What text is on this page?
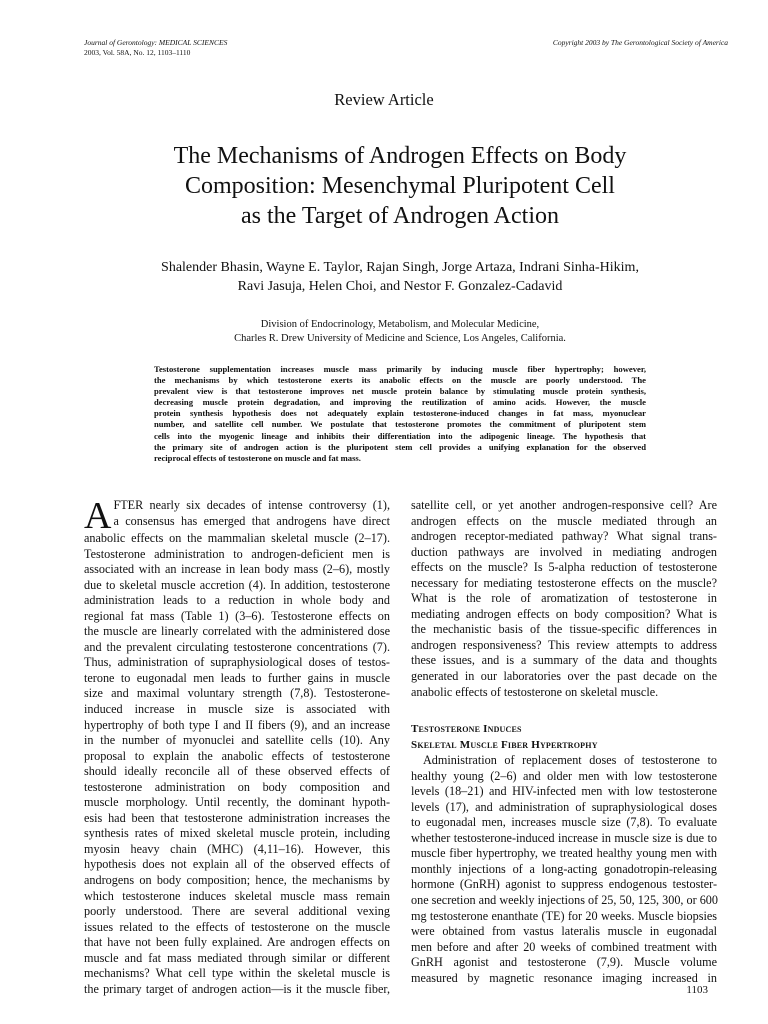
Journal of Gerontology: MEDICAL SCIENCES
2003, Vol. 58A, No. 12, 1103–1110
Copyright 2003 by The Gerontological Society of America
Review Article
The Mechanisms of Androgen Effects on Body
Composition: Mesenchymal Pluripotent Cell
as the Target of Androgen Action
Shalender Bhasin, Wayne E. Taylor, Rajan Singh, Jorge Artaza, Indrani Sinha-Hikim,
Ravi Jasuja, Helen Choi, and Nestor F. Gonzalez-Cadavid
Division of Endocrinology, Metabolism, and Molecular Medicine,
Charles R. Drew University of Medicine and Science, Los Angeles, California.
Testosterone supplementation increases muscle mass primarily by inducing muscle fiber hypertrophy; however,
the mechanisms by which testosterone exerts its anabolic effects on the muscle are poorly understood. The
prevalent view is that testosterone improves net muscle protein balance by stimulating muscle protein synthesis,
decreasing muscle protein degradation, and improving the reutilization of amino acids. However, the muscle
protein synthesis hypothesis does not adequately explain testosterone-induced changes in fat mass, myonuclear
number, and satellite cell number. We postulate that testosterone promotes the commitment of pluripotent stem
cells into the myogenic lineage and inhibits their differentiation into the adipogenic lineage. The hypothesis that
the primary site of androgen action is the pluripotent stem cell provides a unifying explanation for the observed
reciprocal effects of testosterone on muscle and fat mass.
A FTER nearly six decades of intense controversy (1),
a consensus has emerged that androgens have direct
anabolic effects on the mammalian skeletal muscle (2–17).
Testosterone administration to androgen-deficient men is
associated with an increase in lean body mass (2–6), mostly
due to skeletal muscle accretion (4). In addition, testosterone
administration leads to a reduction in whole body and
regional fat mass (Table 1) (3–6). Testosterone effects on
the muscle are linearly correlated with the administered dose
and the prevalent circulating testosterone concentrations (7).
Thus, administration of supraphysiological doses of testos-
terone to eugonadal men leads to further gains in muscle
size and maximal voluntary strength (7,8). Testosterone-
induced increase in muscle size is associated with
hypertrophy of both type I and II fibers (9), and an increase
in the number of myonuclei and satellite cells (10). Any
proposal to explain the anabolic effects of testosterone
should ideally reconcile all of these observed effects of
testosterone administration on body composition and
muscle morphology. Until recently, the dominant hypoth-
esis had been that testosterone administration increases the
synthesis rates of mixed skeletal muscle protein, including
myosin heavy chain (MHC) (4,11–16). However, this
hypothesis does not explain all of the observed effects of
androgens on body composition; hence, the mechanisms by
which testosterone induces skeletal muscle mass remain
poorly understood. There are several additional vexing
issues related to the effects of testosterone on the muscle
that have not been fully explained. Are androgen effects on
muscle and fat mass mediated through similar or different
mechanisms? What cell type within the skeletal muscle is
the primary target of androgen action—is it the muscle fiber,
satellite cell, or yet another androgen-responsive cell? Are
androgen effects on the muscle mediated through an
androgen receptor-mediated pathway? What signal trans-
duction pathways are involved in mediating androgen
effects on the muscle? Is 5-alpha reduction of testosterone
necessary for mediating testosterone effects on the muscle?
What is the role of aromatization of testosterone in
mediating androgen effects on body composition? What is
the mechanistic basis of the tissue-specific differences in
androgen responsiveness? This review attempts to address
these issues, and is a summary of the data and thoughts
generated in our laboratories over the past decade on the
anabolic effects of testosterone on skeletal muscle.
Testosterone Induces
Skeletal Muscle Fiber Hypertrophy
Administration of replacement doses of testosterone to
healthy young (2–6) and older men with low testosterone
levels (18–21) and HIV-infected men with low testosterone
levels (17), and administration of supraphysiological doses
to eugonadal men, increases muscle size (7,8). To evaluate
whether testosterone-induced increase in muscle size is due to
muscle fiber hypertrophy, we treated healthy young men with
monthly injections of a long-acting gonadotropin-releasing
hormone (GnRH) agonist to suppress endogenous testoster-
one secretion and weekly injections of 25, 50, 125, 300, or 600
mg testosterone enanthate (TE) for 20 weeks. Muscle biopsies
were obtained from vastus lateralis muscle in eugonadal
men before and after 20 weeks of combined treatment with
GnRH agonist and testosterone (7,9). Muscle volume
measured by magnetic resonance imaging increased in
1103
